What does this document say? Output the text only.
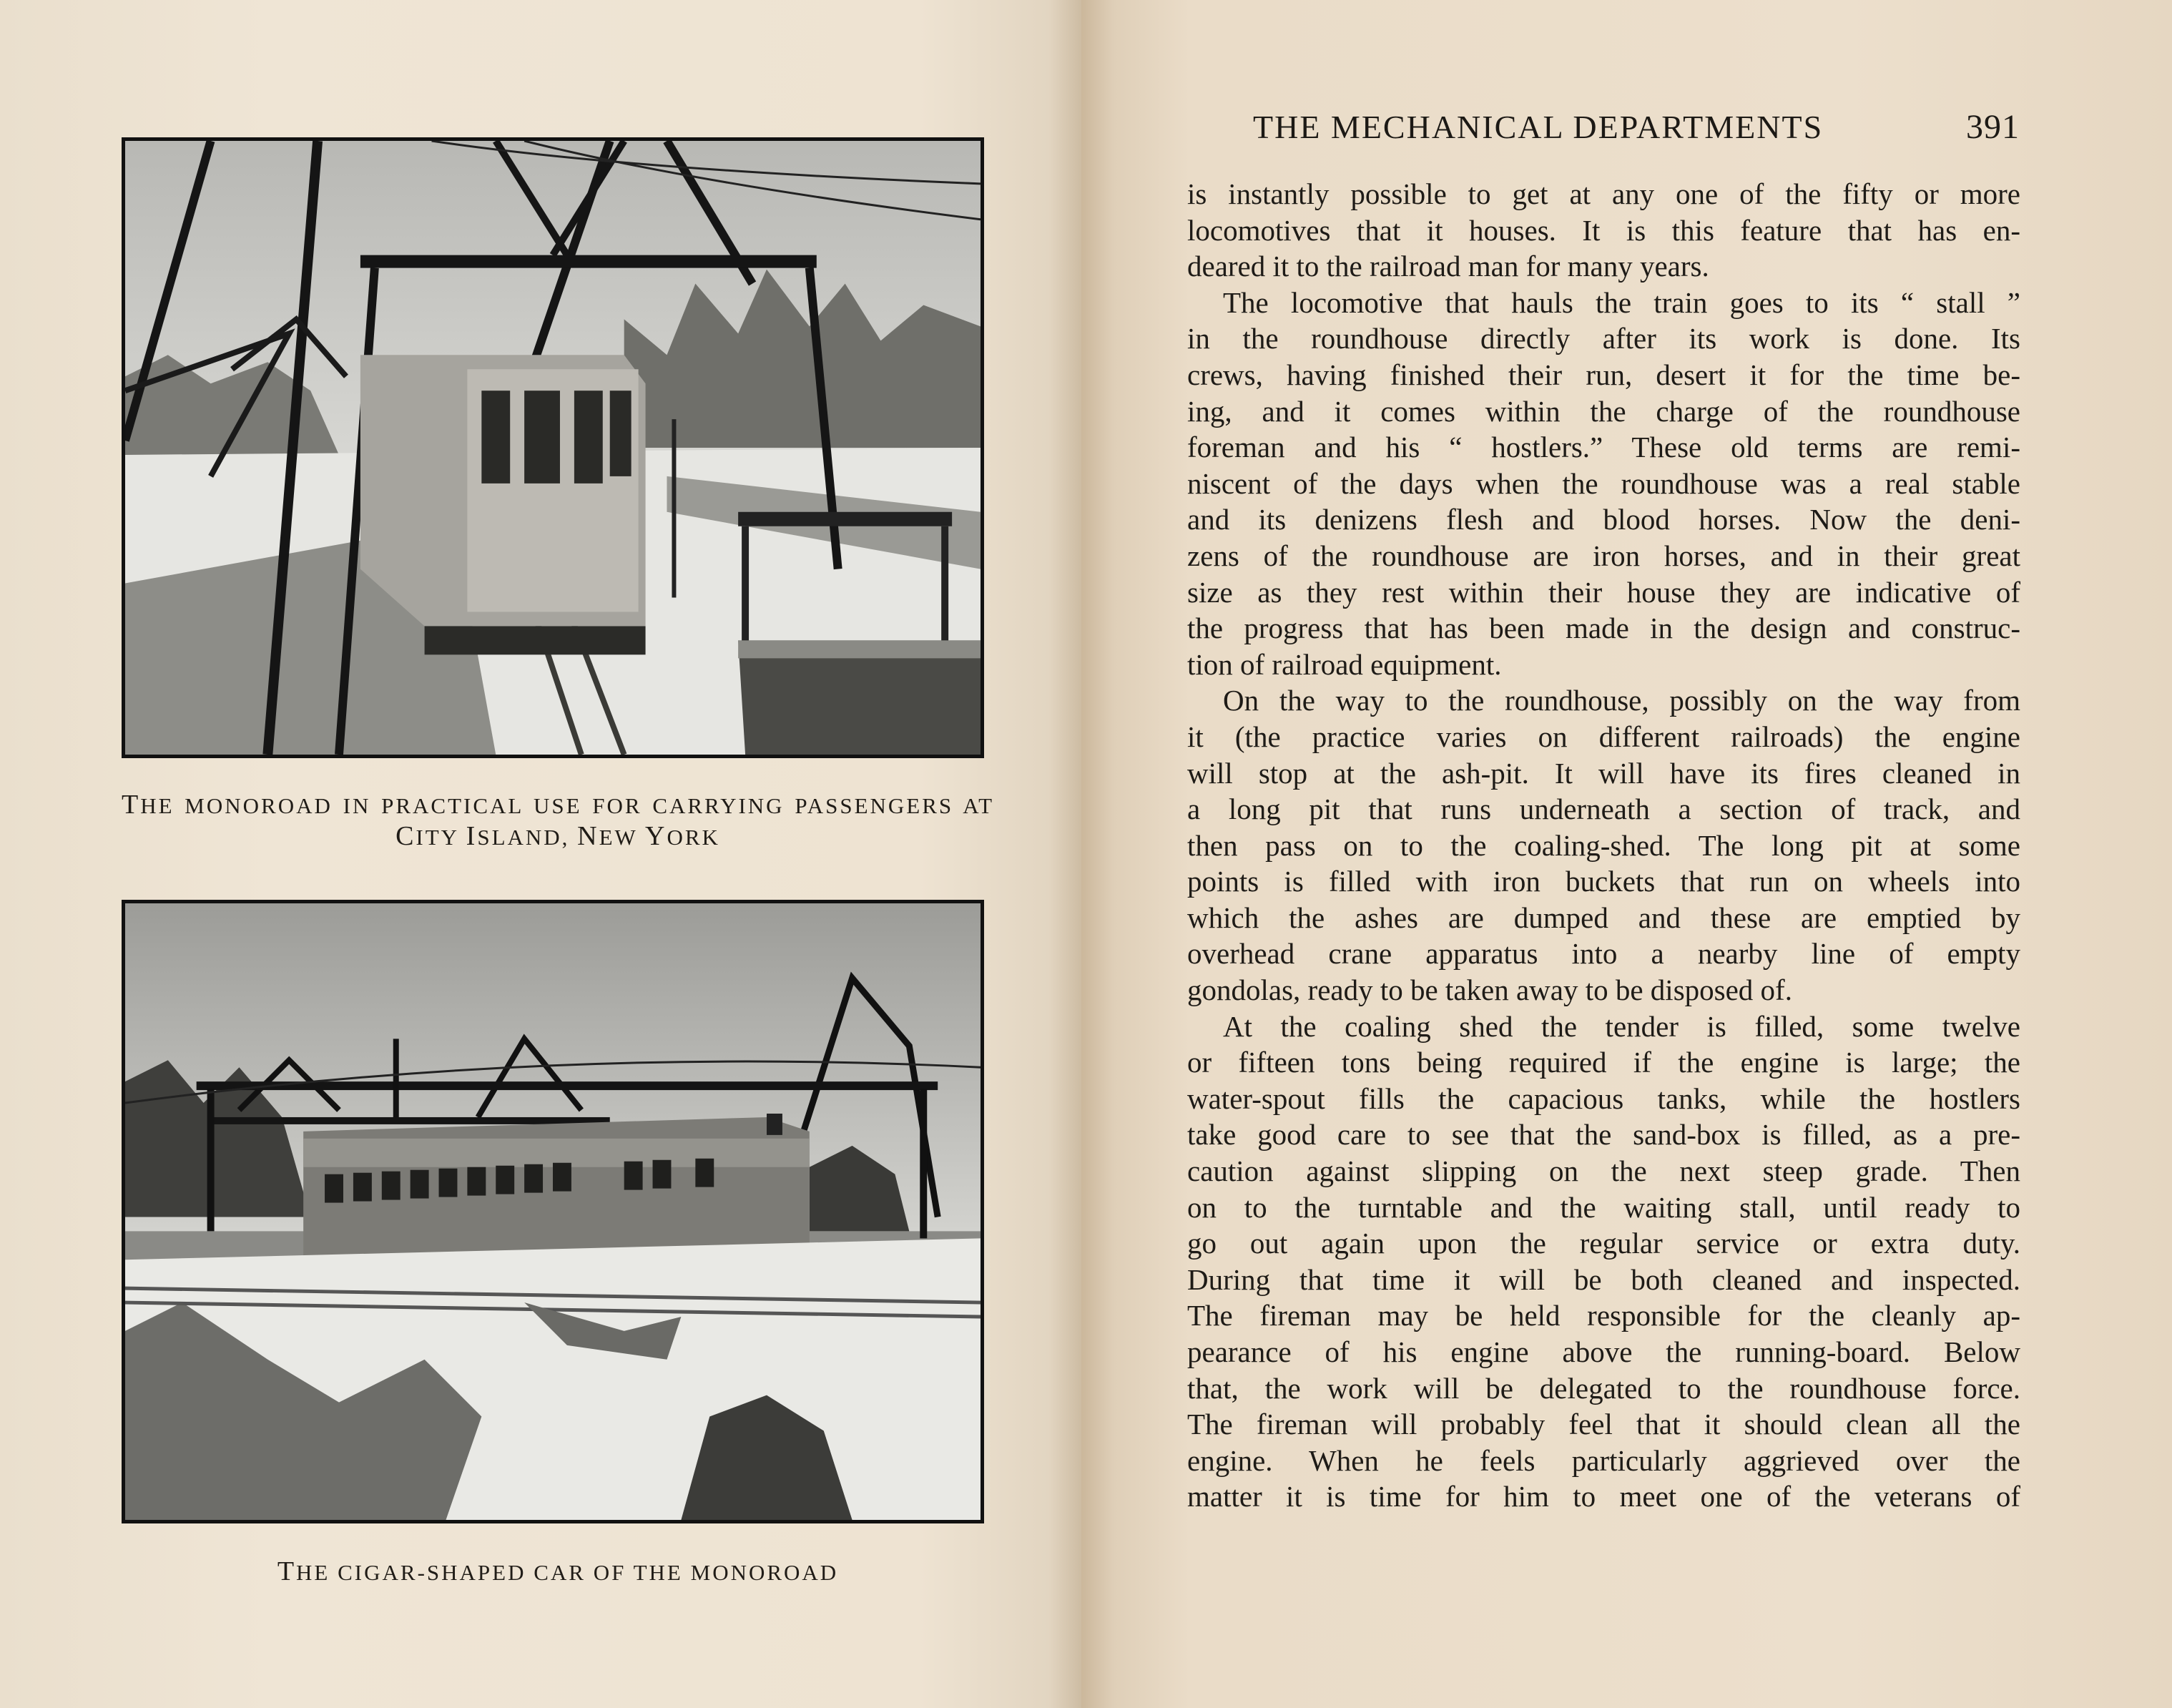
THE MONOROAD IN PRACTICAL USE FOR CARRYING PASSENGERS AT
CITY ISLAND, NEW YORK
THE CIGAR-SHAPED CAR OF THE MONOROAD
THE MECHANICAL DEPARTMENTS	391
is instantly possible to get at any one of the fifty or more
locomotives that it houses. It is this feature that has en-
deared it to the railroad man for many years.
The locomotive that hauls the train goes to its “ stall ”
in the roundhouse directly after its work is done. Its
crews, having finished their run, desert it for the time be-
ing, and it comes within the charge of the roundhouse
foreman and his “ hostlers.” These old terms are remi-
niscent of the days when the roundhouse was a real stable
and its denizens flesh and blood horses. Now the deni-
zens of the roundhouse are iron horses, and in their great
size as they rest within their house they are indicative of
the progress that has been made in the design and construc-
tion of railroad equipment.
On the way to the roundhouse, possibly on the way from
it (the practice varies on different railroads) the engine
will stop at the ash-pit. It will have its fires cleaned in
a long pit that runs underneath a section of track, and
then pass on to the coaling-shed. The long pit at some
points is filled with iron buckets that run on wheels into
which the ashes are dumped and these are emptied by
overhead crane apparatus into a nearby line of empty
gondolas, ready to be taken away to be disposed of.
At the coaling shed the tender is filled, some twelve
or fifteen tons being required if the engine is large; the
water-spout fills the capacious tanks, while the hostlers
take good care to see that the sand-box is filled, as a pre-
caution against slipping on the next steep grade. Then
on to the turntable and the waiting stall, until ready to
go out again upon the regular service or extra duty.
During that time it will be both cleaned and inspected.
The fireman may be held responsible for the cleanly ap-
pearance of his engine above the running-board. Below
that, the work will be delegated to the roundhouse force.
The fireman will probably feel that it should clean all the
engine. When he feels particularly aggrieved over the
matter it is time for him to meet one of the veterans of
